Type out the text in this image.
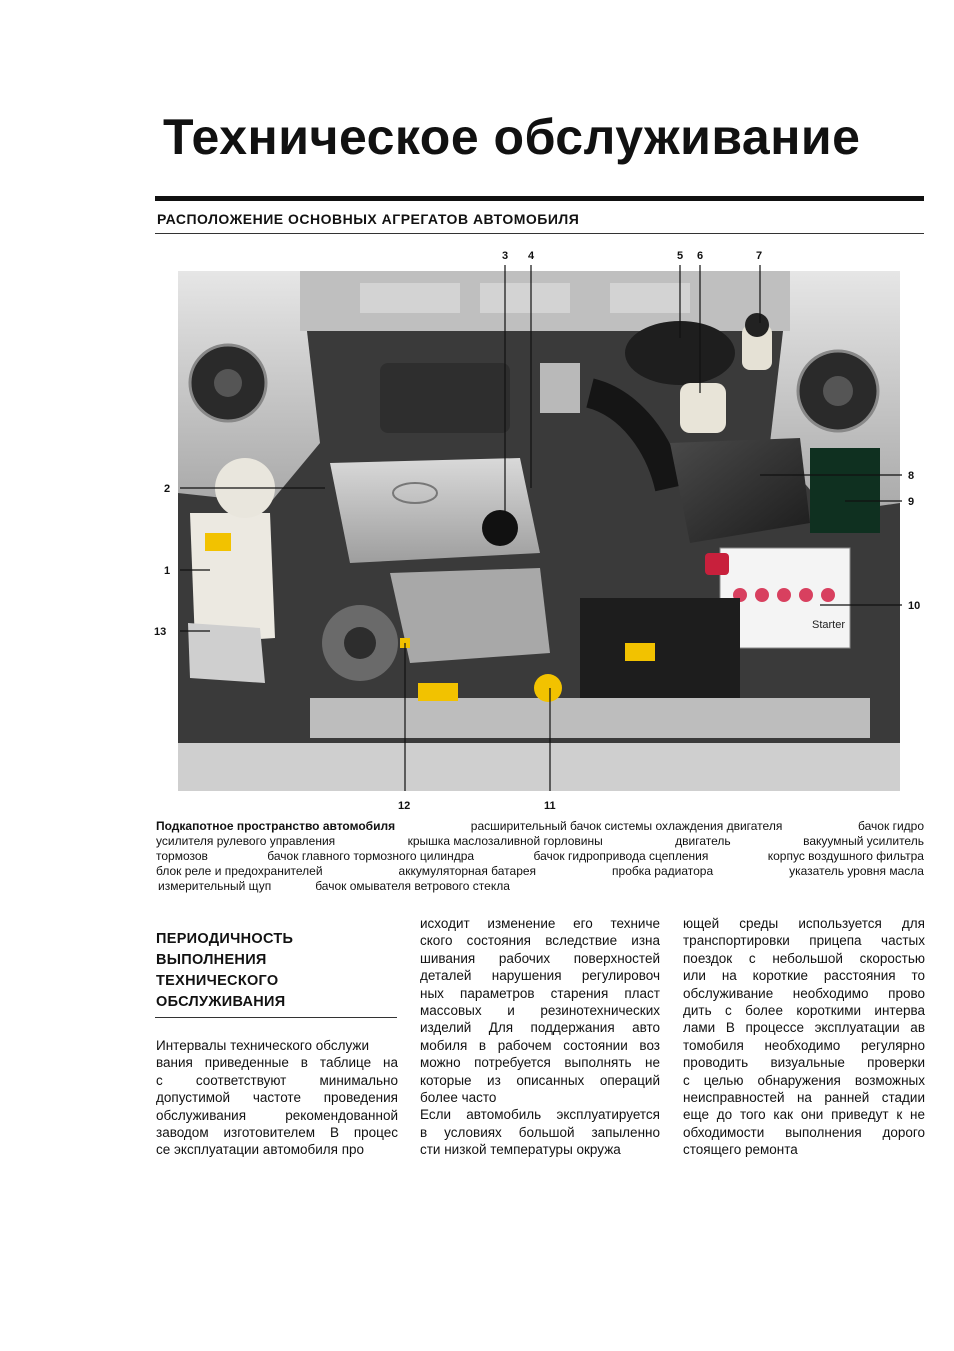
Техническое обслуживание
РАСПОЛОЖЕНИЕ ОСНОВНЫХ АГРЕГАТОВ АВТОМОБИЛЯ
Starter
1
2
3 4	5 6	7
8
9
10
11
12
13
Подкапотное пространство автомобиля	расширительный бачок системы охлаждения двигателя	бачок гидро
усилителя рулевого управления	крышка маслозаливной горловины	двигатель	вакуумный усилитель
тормозов	бачок главного тормозного цилиндра	бачок гидропривода сцепления	корпус воздушного фильтра
блок реле и предохранителей	аккумуляторная батарея	пробка радиатора	указатель уровня масла
измерительный щуп	бачок омывателя ветрового стекла
ПЕРИОДИЧНОСТЬ
ВЫПОЛНЕНИЯ
ТЕХНИЧЕСКОГО
ОБСЛУЖИВАНИЯ

Интервалы технического обслужи

вания приведенные в таблице на

с соответствуют минимально

допустимой частоте проведения

обслуживания рекомендованной

заводом изготовителем В процес

се эксплуатации автомобиля про

исходит изменение его техниче

ского состояния вследствие изна

шивания рабочих поверхностей

деталей нарушения регулировоч

ных параметров старения пласт

массовых и резинотехнических

изделий Для поддержания авто

мобиля в рабочем состоянии воз

можно потребуется выполнять не

которые из описанных операций

более часто

Если автомобиль эксплуатируется

в условиях большой запыленно

сти низкой температуры окружа

ющей среды используется для

транспортировки прицепа частых

поездок с небольшой скоростью

или на короткие расстояния то

обслуживание необходимо прово

дить с более короткими интерва

лами В процессе эксплуатации ав

томобиля необходимо регулярно

проводить визуальные проверки

с целью обнаружения возможных

неисправностей на ранней стадии

еще до того как они приведут к не

обходимости выполнения дорого

стоящего ремонта
